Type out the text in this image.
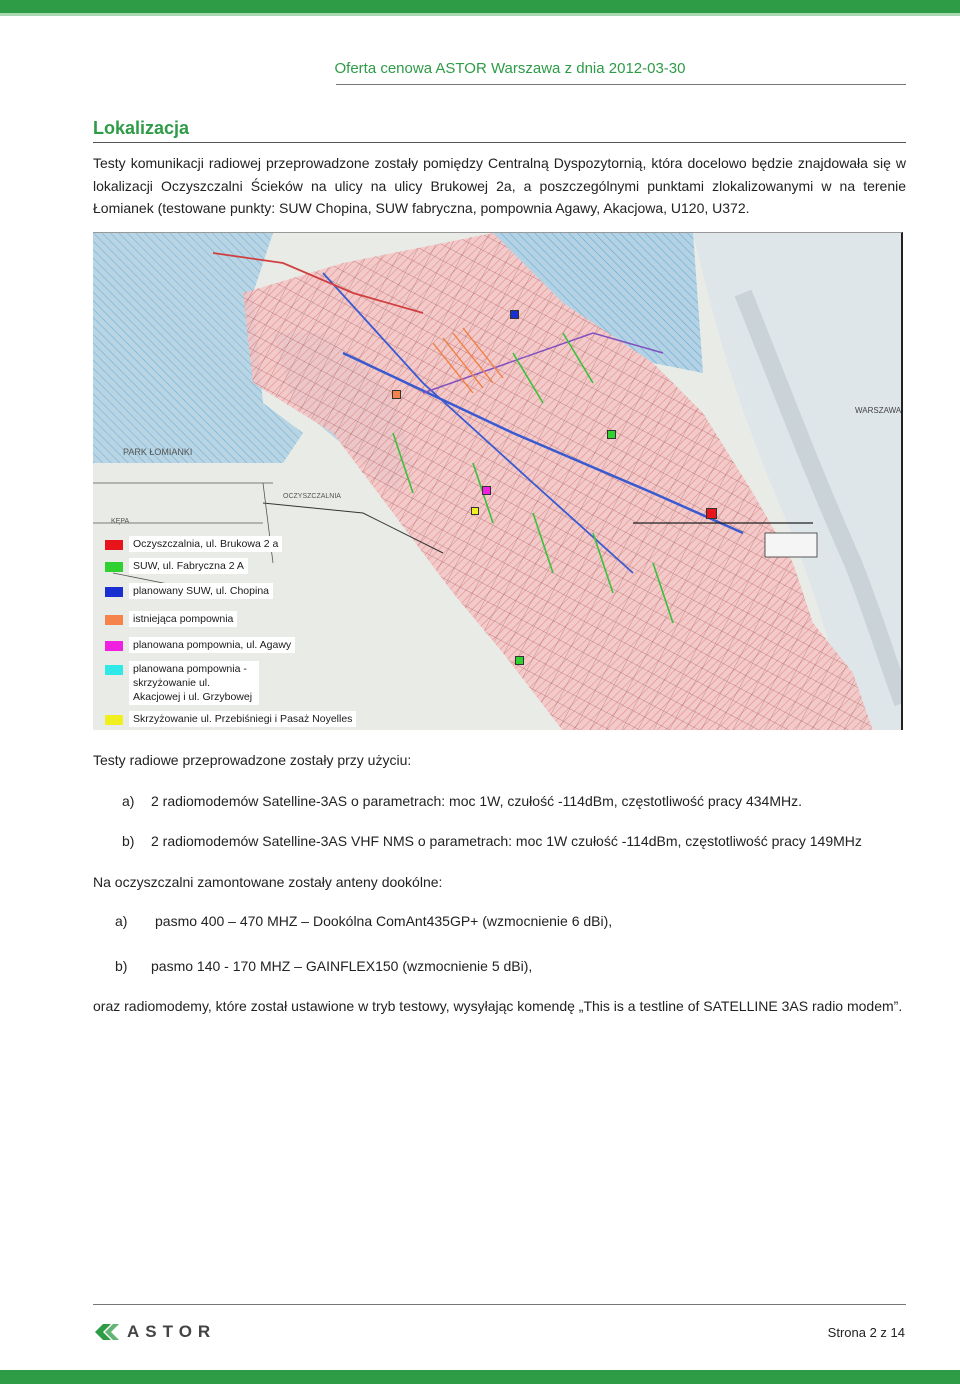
Oferta cenowa ASTOR Warszawa z dnia 2012-03-30
Lokalizacja
Testy komunikacji radiowej przeprowadzone zostały pomiędzy Centralną Dyspozytornią, która docelowo będzie znajdowała się w lokalizacji Oczyszczalni Ścieków na ulicy na ulicy Brukowej 2a, a poszczególnymi punktami zlokalizowanymi w na terenie Łomianek (testowane punkty: SUW Chopina, SUW fabryczna, pompownia Agawy, Akacjowa, U120, U372.
PARK ŁOMIANKI
WARSZAWA
OCZYSZCZALNIA
KĘPA
Oczyszczalnia, ul. Brukowa 2 a
SUW, ul. Fabryczna 2 A
planowany SUW, ul. Chopina
istniejąca pompownia
planowana pompownia, ul. Agawy
planowana pompownia - skrzyżowanie ul. Akacjowej i ul. Grzybowej
Skrzyżowanie ul. Przebiśniegi i Pasaż Noyelles
Testy radiowe przeprowadzone zostały przy użyciu:
a) 2 radiomodemów Satelline-3AS o parametrach: moc 1W, czułość -114dBm, częstotliwość pracy 434MHz.
b) 2 radiomodemów Satelline-3AS VHF NMS o parametrach: moc 1W czułość -114dBm, częstotliwość pracy 149MHz
Na oczyszczalni zamontowane zostały anteny dookólne:
a) pasmo 400 – 470 MHZ – Dookólna ComAnt435GP+ (wzmocnienie 6 dBi),
b) pasmo 140 - 170 MHZ – GAINFLEX150 (wzmocnienie 5 dBi),
oraz radiomodemy, które został ustawione w tryb testowy, wysyłając komendę „This is a testline of SATELLINE 3AS radio modem”.
ASTOR	Strona 2 z 14
